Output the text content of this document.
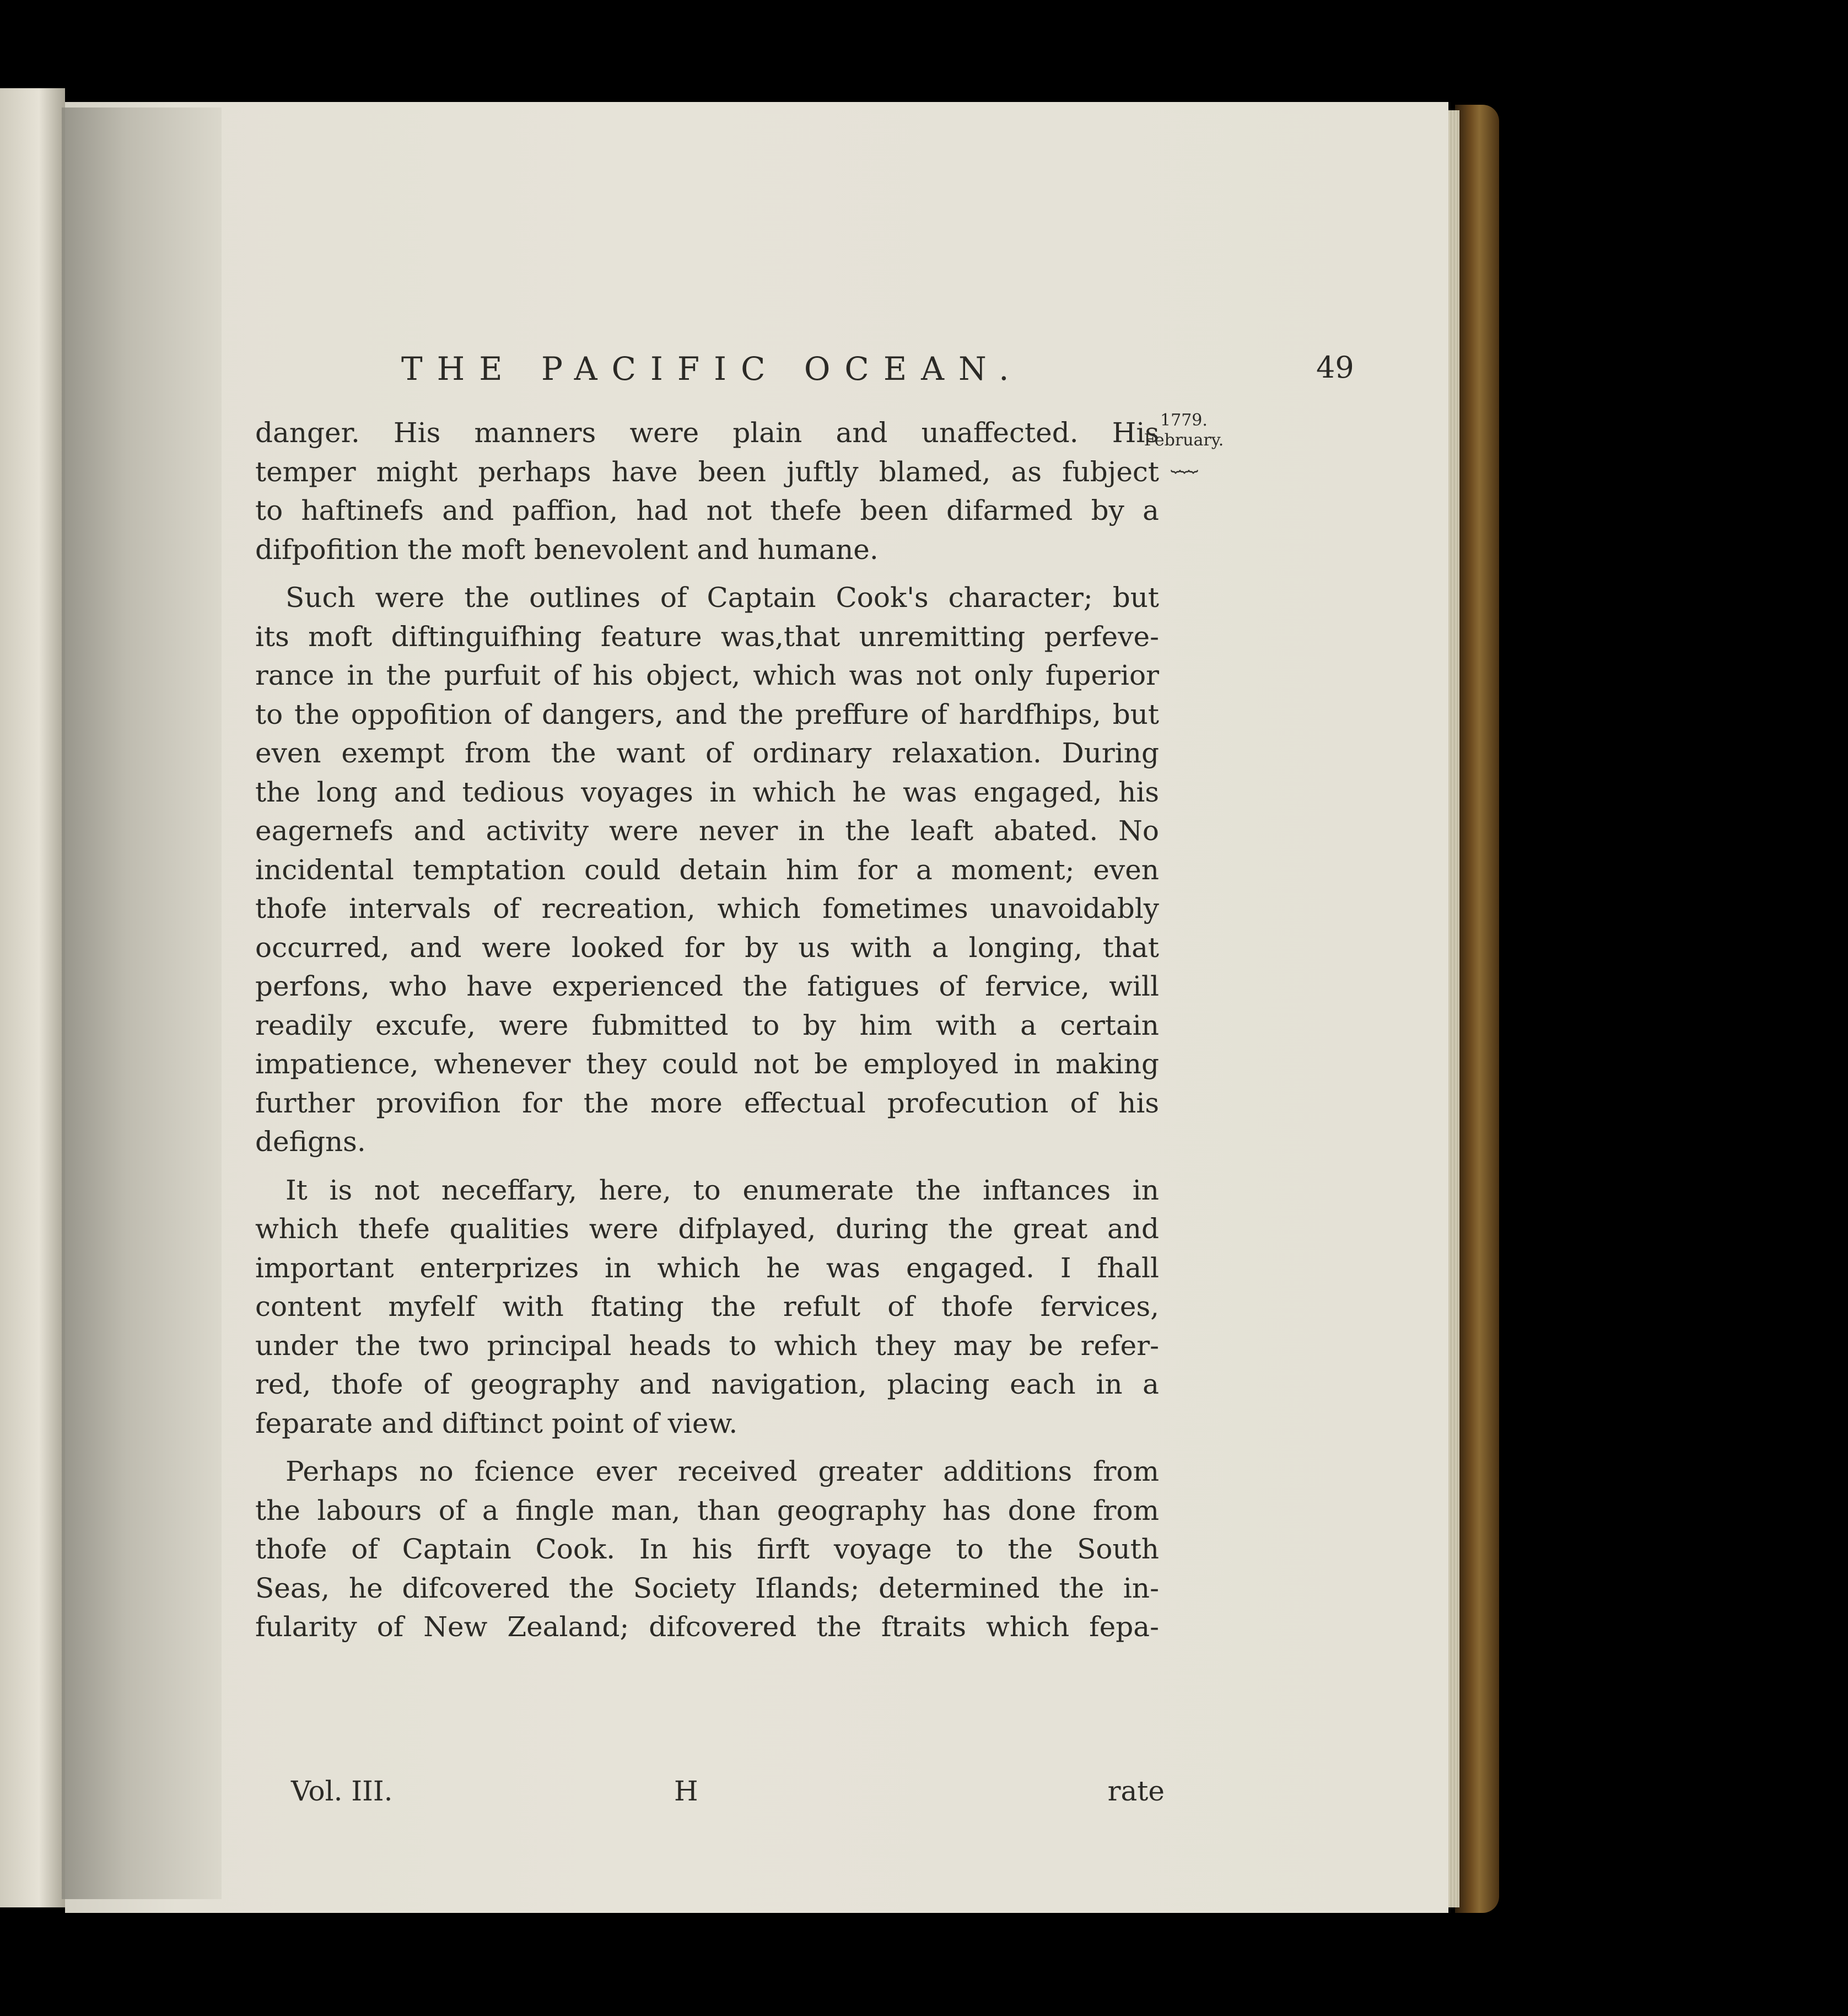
THE PACIFIC OCEAN.	49
1779.
February.
⏟⏟⏟
danger. His manners were plain and unaffected. His
temper might perhaps have been juftly blamed, as fubject
to haftinefs and paffion, had not thefe been difarmed by a
difpofition the moft benevolent and humane.
Such were the outlines of Captain Cook's character; but
its moft diftinguifhing feature was,that unremitting perfeve-
rance in the purfuit of his object, which was not only fuperior
to the oppofition of dangers, and the preffure of hardfhips, but
even exempt from the want of ordinary relaxation. During
the long and tedious voyages in which he was engaged, his
eagernefs and activity were never in the leaft abated. No
incidental temptation could detain him for a moment; even
thofe intervals of recreation, which fometimes unavoidably
occurred, and were looked for by us with a longing, that
perfons, who have experienced the fatigues of fervice, will
readily excufe, were fubmitted to by him with a certain
impatience, whenever they could not be employed in making
further provifion for the more effectual profecution of his
defigns.
It is not neceffary, here, to enumerate the inftances in
which thefe qualities were difplayed, during the great and
important enterprizes in which he was engaged. I fhall
content myfelf with ftating the refult of thofe fervices,
under the two principal heads to which they may be refer-
red, thofe of geography and navigation, placing each in a
feparate and diftinct point of view.
Perhaps no fcience ever received greater additions from
the labours of a fingle man, than geography has done from
thofe of Captain Cook. In his firft voyage to the South
Seas, he difcovered the Society Iflands; determined the in-
fularity of New Zealand; difcovered the ftraits which fepa-
Vol. III.	H	rate
